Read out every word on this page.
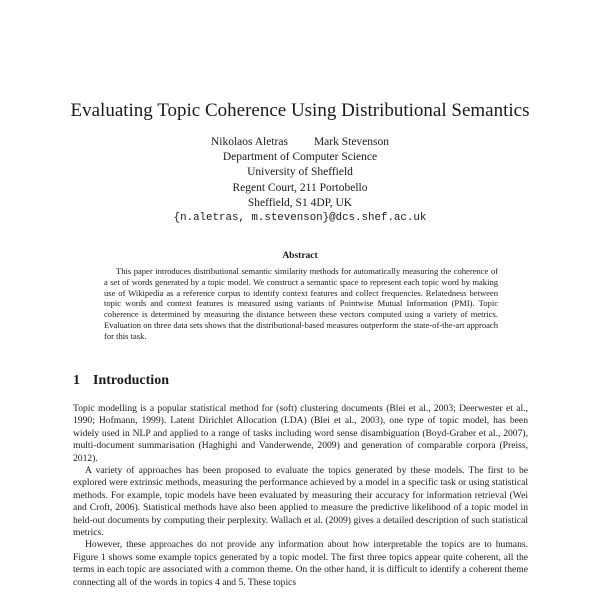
Evaluating Topic Coherence Using Distributional Semantics
Nikolaos Aletras Mark Stevenson
Department of Computer Science
University of Sheffield
Regent Court, 211 Portobello
Sheffield, S1 4DP, UK
{n.aletras, m.stevenson}@dcs.shef.ac.uk
Abstract

This paper introduces distributional semantic similarity methods for automatically measuring the coherence of a set of words generated by a topic model. We construct a semantic space to represent each topic word by making use of Wikipedia as a reference corpus to identify context features and collect frequencies. Relatedness between topic words and context features is measured using variants of Pointwise Mutual Information (PMI). Topic coherence is determined by measuring the distance between these vectors computed using a variety of metrics. Evaluation on three data sets shows that the distributional-based measures outperform the state-of-the-art approach for this task.

1 Introduction

Topic modelling is a popular statistical method for (soft) clustering documents (Blei et al., 2003; Deerwester et al., 1990; Hofmann, 1999). Latent Dirichlet Allocation (LDA) (Blei et al., 2003), one type of topic model, has been widely used in NLP and applied to a range of tasks including word sense disambiguation (Boyd-Graber et al., 2007), multi-document summarisation (Haghighi and Vanderwende, 2009) and generation of comparable corpora (Preiss, 2012).

A variety of approaches has been proposed to evaluate the topics generated by these models. The first to be explored were extrinsic methods, measuring the performance achieved by a model in a specific task or using statistical methods. For example, topic models have been evaluated by measuring their accuracy for information retrieval (Wei and Croft, 2006). Statistical methods have also been applied to measure the predictive likelihood of a topic model in held-out documents by computing their perplexity. Wallach et al. (2009) gives a detailed description of such statistical metrics.

However, these approaches do not provide any information about how interpretable the topics are to humans. Figure 1 shows some example topics generated by a topic model. The first three topics appear quite coherent, all the terms in each topic are associated with a common theme. On the other hand, it is difficult to identify a coherent theme connecting all of the words in topics 4 and 5. These topics
